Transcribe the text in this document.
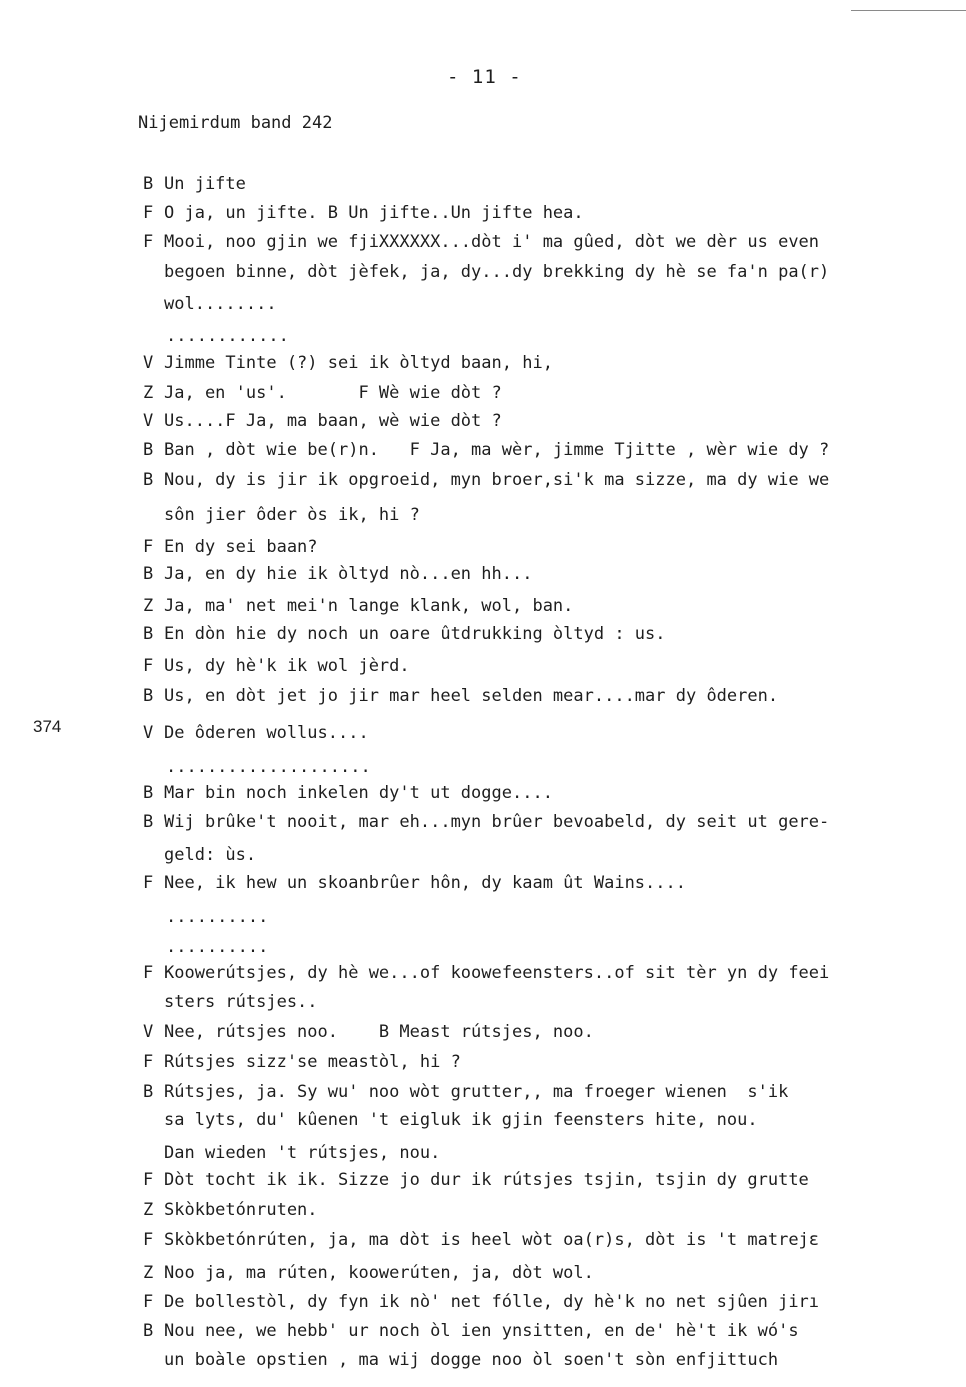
- 11 -
Nijemirdum band 242
374
B Un jifte
F O ja, un jifte. B Un jifte..Un jifte hea.
F Mooi, noo gjin we fjiXXXXXX...dòt i' ma gûed, dòt we dèr us even
begoen binne, dòt jèfek, ja, dy...dy brekking dy hè se fa'n pa(r)
wol........
............
V Jimme Tinte (?) sei ik òltyd baan, hi,
Z Ja, en 'us'.       F Wè wie dòt ?
V Us....F Ja, ma baan, wè wie dòt ?
B Ban , dòt wie be(r)n.   F Ja, ma wèr, jimme Tjitte , wèr wie dy ?
B Nou, dy is jir ik opgroeid, myn broer,si'k ma sizze, ma dy wie we
sôn jier ôder òs ik, hi ?
F En dy sei baan?
B Ja, en dy hie ik òltyd nò...en hh...
Z Ja, ma' net mei'n lange klank, wol, ban.
B En dòn hie dy noch un oare ûtdrukking òltyd : us.
F Us, dy hè'k ik wol jèrd.
B Us, en dòt jet jo jir mar heel selden mear....mar dy ôderen.
V De ôderen wollus....
....................
B Mar bin noch inkelen dy't ut dogge....
B Wij brûke't nooit, mar eh...myn brûer bevoabeld, dy seit ut gere-
geld: ùs.
F Nee, ik hew un skoanbrûer hôn, dy kaam ût Wains....
..........
..........
F Koowerútsjes, dy hè we...of koowefeensters..of sit tèr yn dy feei
sters rútsjes..
V Nee, rútsjes noo.    B Meast rútsjes, noo.
F Rútsjes sizz'se meastòl, hi ?
B Rútsjes, ja. Sy wu' noo wòt grutter,, ma froeger wienen  s'ik
sa lyts, du' kûenen 't eigluk ik gjin feensters hite, nou.
Dan wieden 't rútsjes, nou.
F Dòt tocht ik ik. Sizze jo dur ik rútsjes tsjin, tsjin dy grutte
Z Skòkbetónruten.
F Skòkbetónrúten, ja, ma dòt is heel wòt oa(r)s, dòt is 't matrejε
Z Noo ja, ma rúten, koowerúten, ja, dòt wol.
F De bollestòl, dy fyn ik nò' net fólle, dy hè'k no net sjûen jirı
B Nou nee, we hebb' ur noch òl ien ynsitten, en de' hè't ik wó's
un boàle opstien , ma wij dogge noo òl soen't sòn enfjittuch
